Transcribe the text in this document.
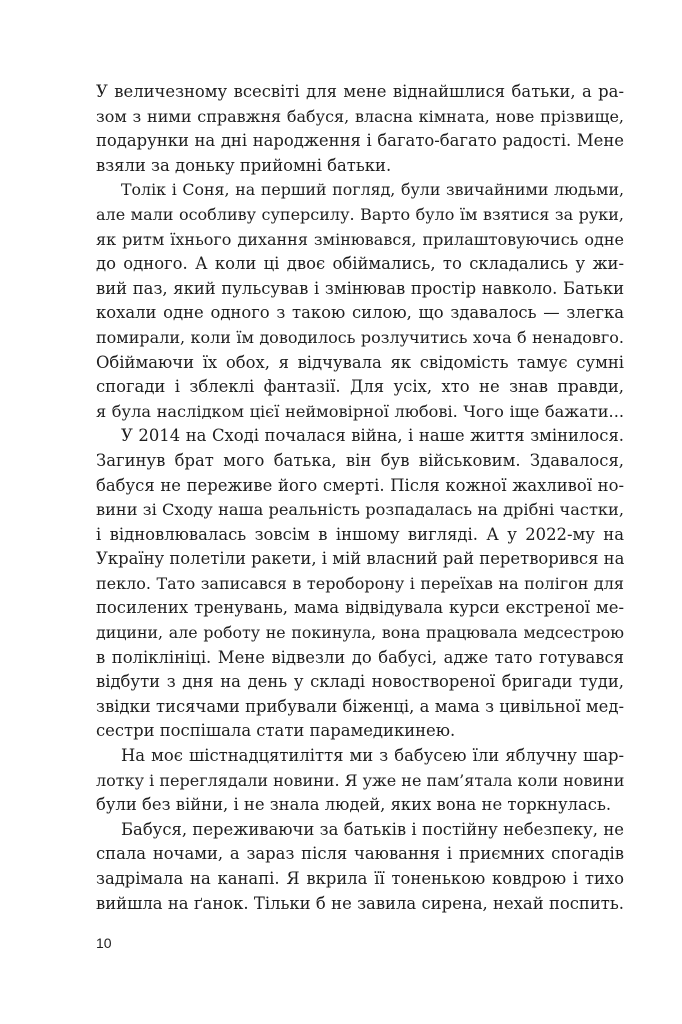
У величезному всесвіті для мене віднайшлися батьки, а ра-
зом з ними справжня бабуся, власна кімната, нове прізвище,
подарунки на дні народження і багато-багато радості. Мене
взяли за доньку прийомні батьки.

Толік і Соня, на перший погляд, були звичайними людьми,
але мали особливу суперсилу. Варто було їм взятися за руки,
як ритм їхнього дихання змінювався, прилаштовуючись одне
до одного. А коли ці двоє обіймались, то складались у жи-
вий паз, який пульсував і змінював простір навколо. Батьки
кохали одне одного з такою силою, що здавалось — злегка
помирали, коли їм доводилось розлучитись хоча б ненадовго.
Обіймаючи їх обох, я відчувала як свідомість тамує сумні
спогади і зблеклі фантазії. Для усіх, хто не знав правди,
я була наслідком цієї неймовірної любові. Чого іще бажати...

У 2014 на Сході почалася війна, і наше життя змінилося.
Загинув брат мого батька, він був військовим. Здавалося,
бабуся не переживе його смерті. Після кожної жахливої но-
вини зі Сходу наша реальність розпадалась на дрібні частки,
і відновлювалась зовсім в іншому вигляді. А у 2022-му на
Україну полетіли ракети, і мій власний рай перетворився на
пекло. Тато записався в тероборону і переїхав на полігон для
посилених тренувань, мама відвідувала курси екстреної ме-
дицини, але роботу не покинула, вона працювала медсестрою
в поліклініці. Мене відвезли до бабусі, адже тато готувався
відбути з дня на день у складі новоствореної бригади туди,
звідки тисячами прибували біженці, а мама з цивільної мед-
сестри поспішала стати парамедикинею.

На моє шістнадцятиліття ми з бабусею їли яблучну шар-
лотку і переглядали новини. Я уже не пам’ятала коли новини
були без війни, і не знала людей, яких вона не торкнулась.

Бабуся, переживаючи за батьків і постійну небезпеку, не
спала ночами, а зараз після чаювання і приємних спогадів
задрімала на канапі. Я вкрила її тоненькою ковдрою і тихо
вийшла на ґанок. Тільки б не завила сирена, нехай поспить.

10
